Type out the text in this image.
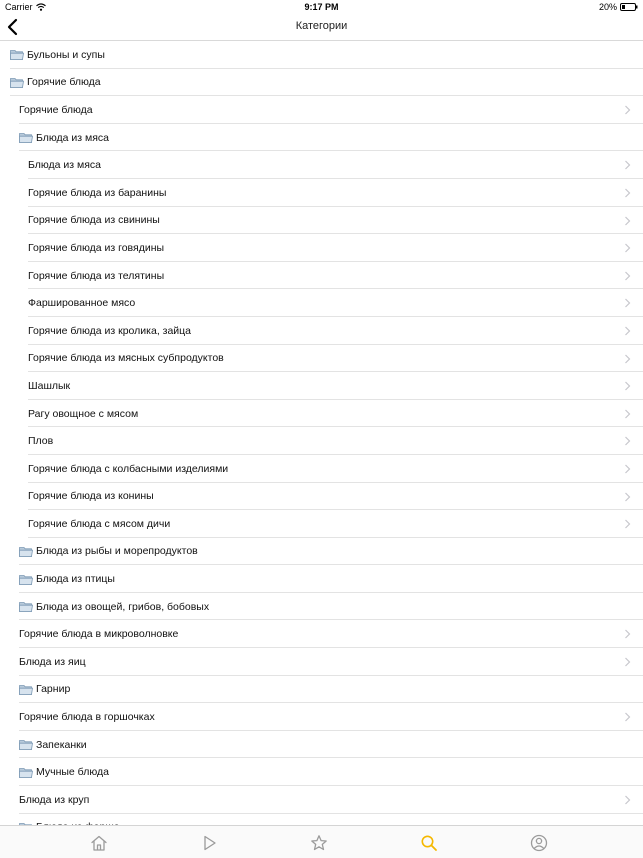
Carrier	9:17 PM	20%
Категории
Бульоны и супы
Горячие блюда
Горячие блюда
Блюда из мяса
Блюда из мяса
Горячие блюда из баранины
Горячие блюда из свинины
Горячие блюда из говядины
Горячие блюда из телятины
Фаршированное мясо
Горячие блюда из кролика, зайца
Горячие блюда из мясных субпродуктов
Шашлык
Рагу овощное с мясом
Плов
Горячие блюда с колбасными изделиями
Горячие блюда из конины
Горячие блюда с мясом дичи
Блюда из рыбы и морепродуктов
Блюда из птицы
Блюда из овощей, грибов, бобовых
Горячие блюда в микроволновке
Блюда из яиц
Гарнир
Горячие блюда в горшочках
Запеканки
Мучные блюда
Блюда из круп
